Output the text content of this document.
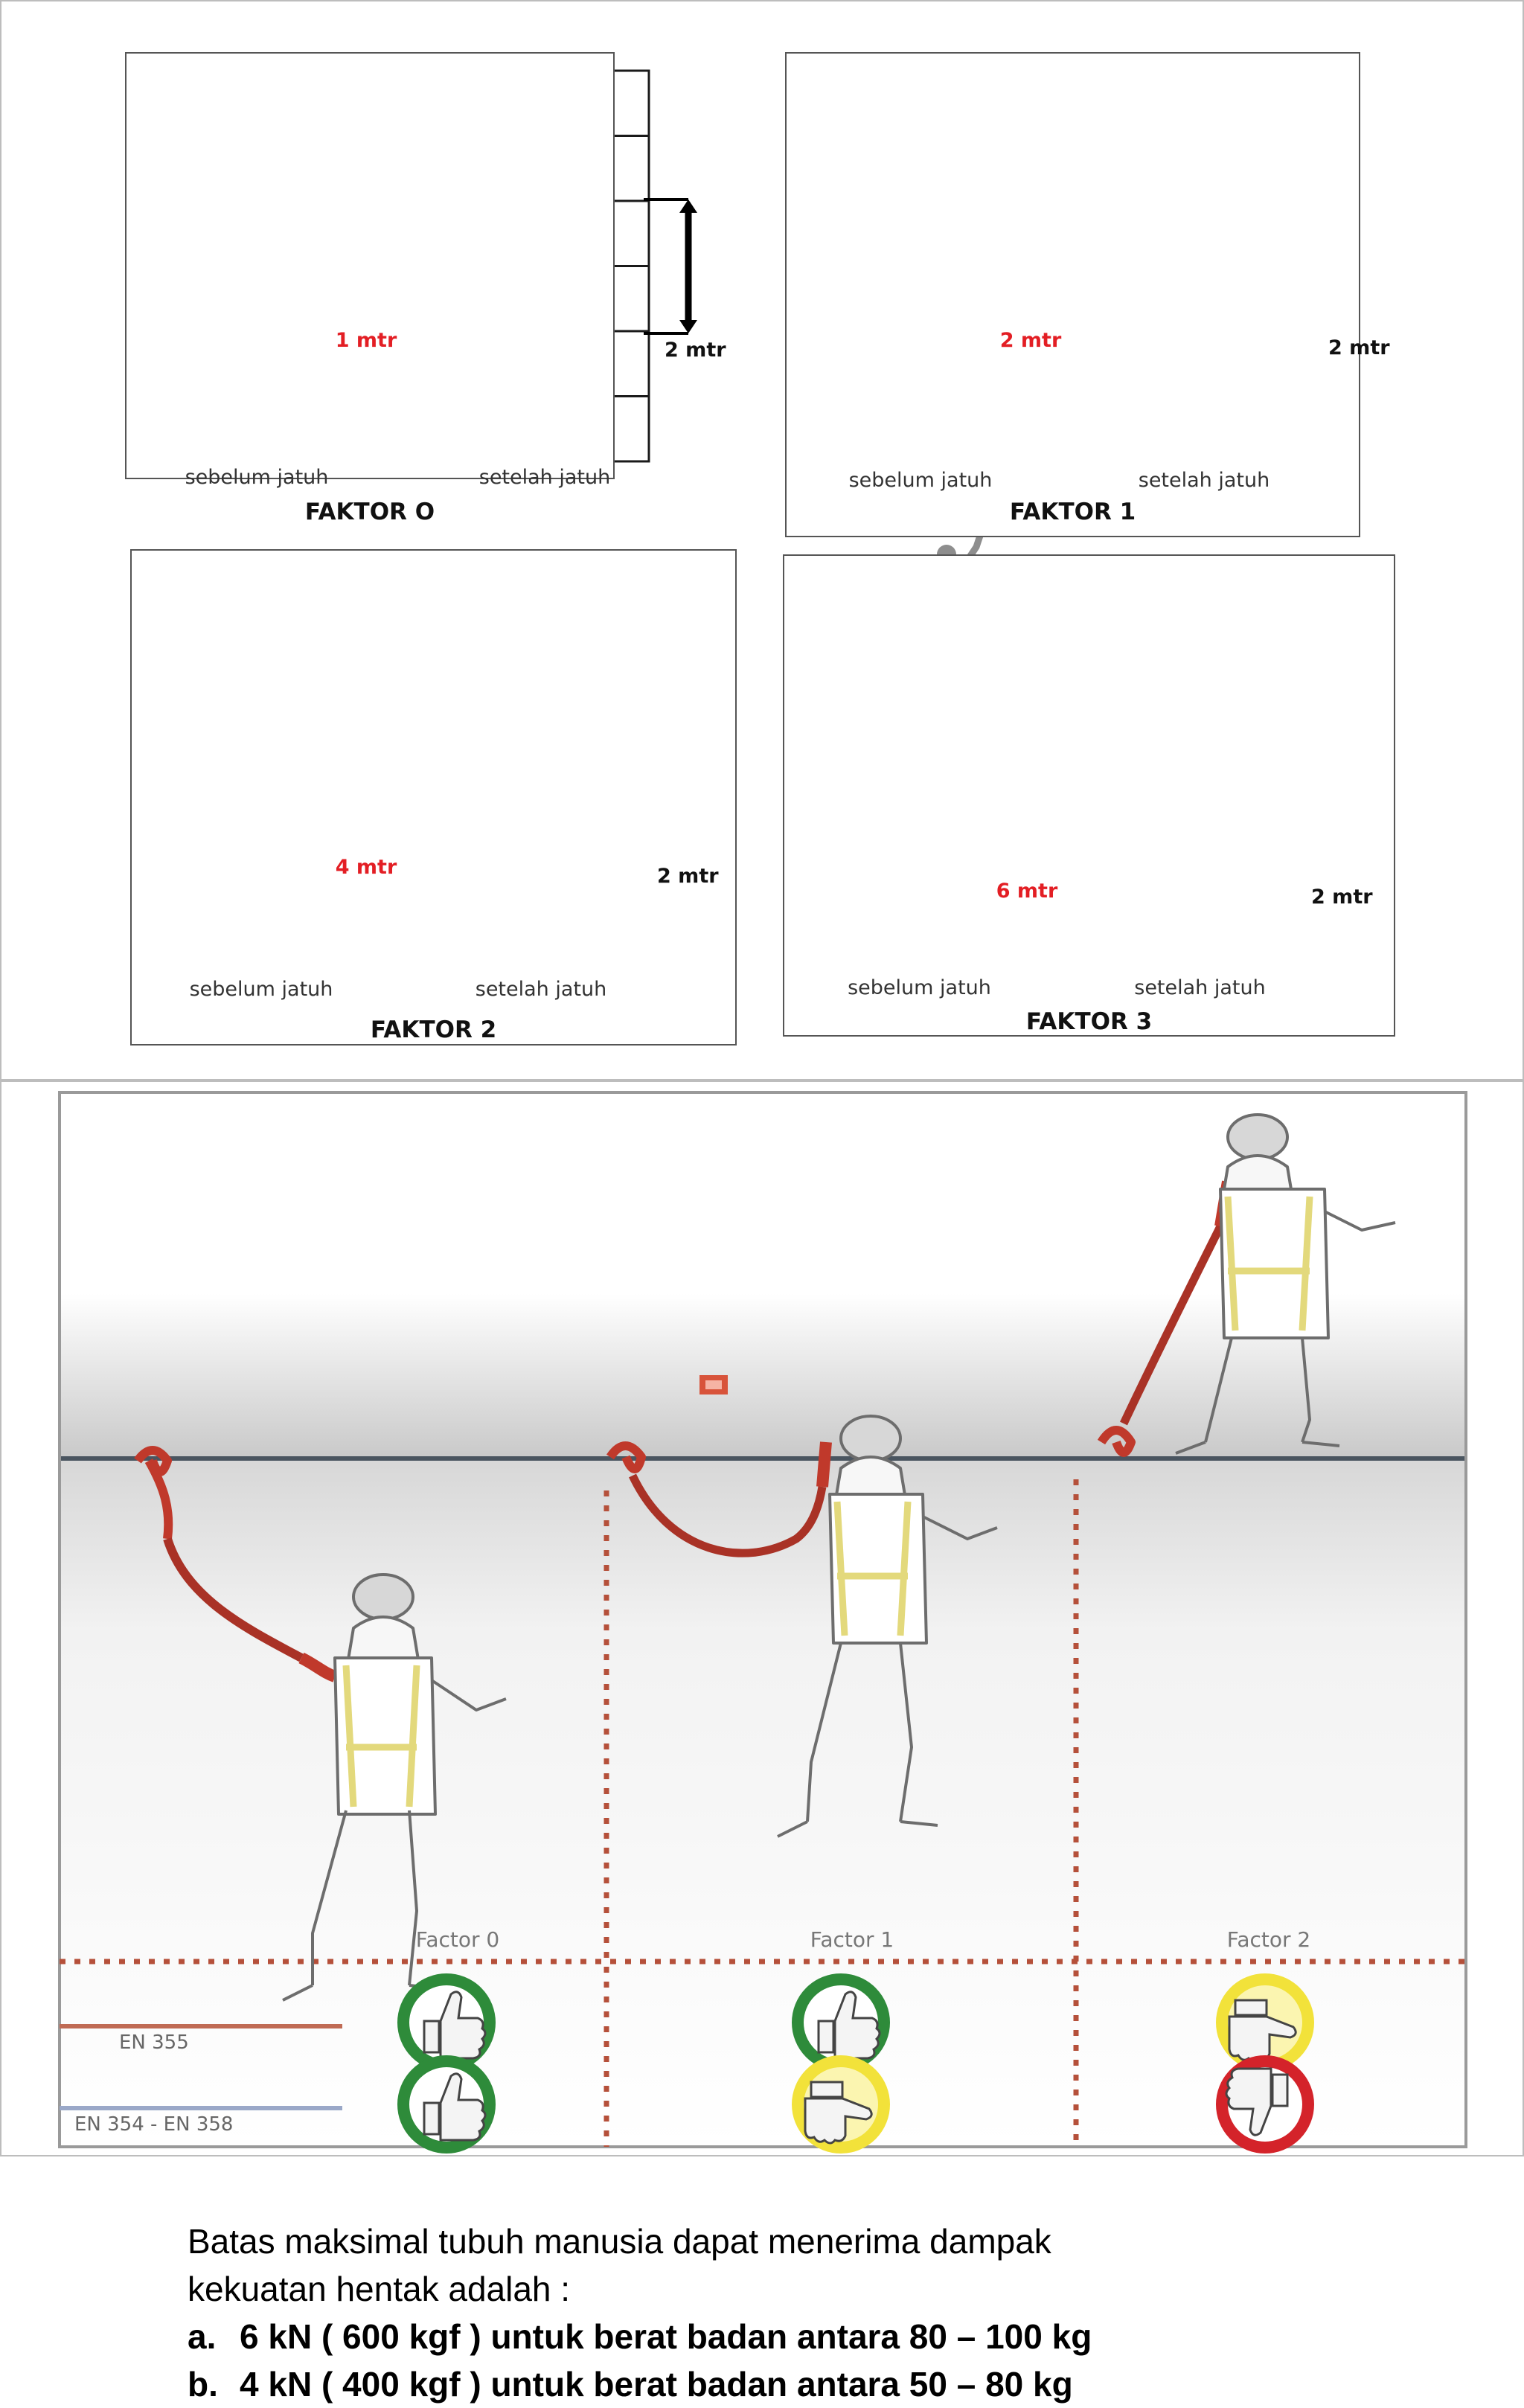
sebelum jatuh	setelah jatuh
FAKTOR O
1 mtr	2 mtr
sebelum jatuh	setelah jatuh
FAKTOR 1
2 mtr	2 mtr
sebelum jatuh	setelah jatuh
FAKTOR 2
4 mtr	2 mtr
sebelum jatuh	setelah jatuh
FAKTOR 3
6 mtr	2 mtr
Batas maksimal tubuh manusia dapat menerima dampak
kekuatan hentak adalah :
a. 6 kN ( 600 kgf ) untuk berat badan antara 80 – 100 kg
b. 4 kN ( 400 kgf ) untuk berat badan antara 50 – 80 kg
Factor 0	Factor 1	Factor 2
EN 355
EN 354 - EN 358
